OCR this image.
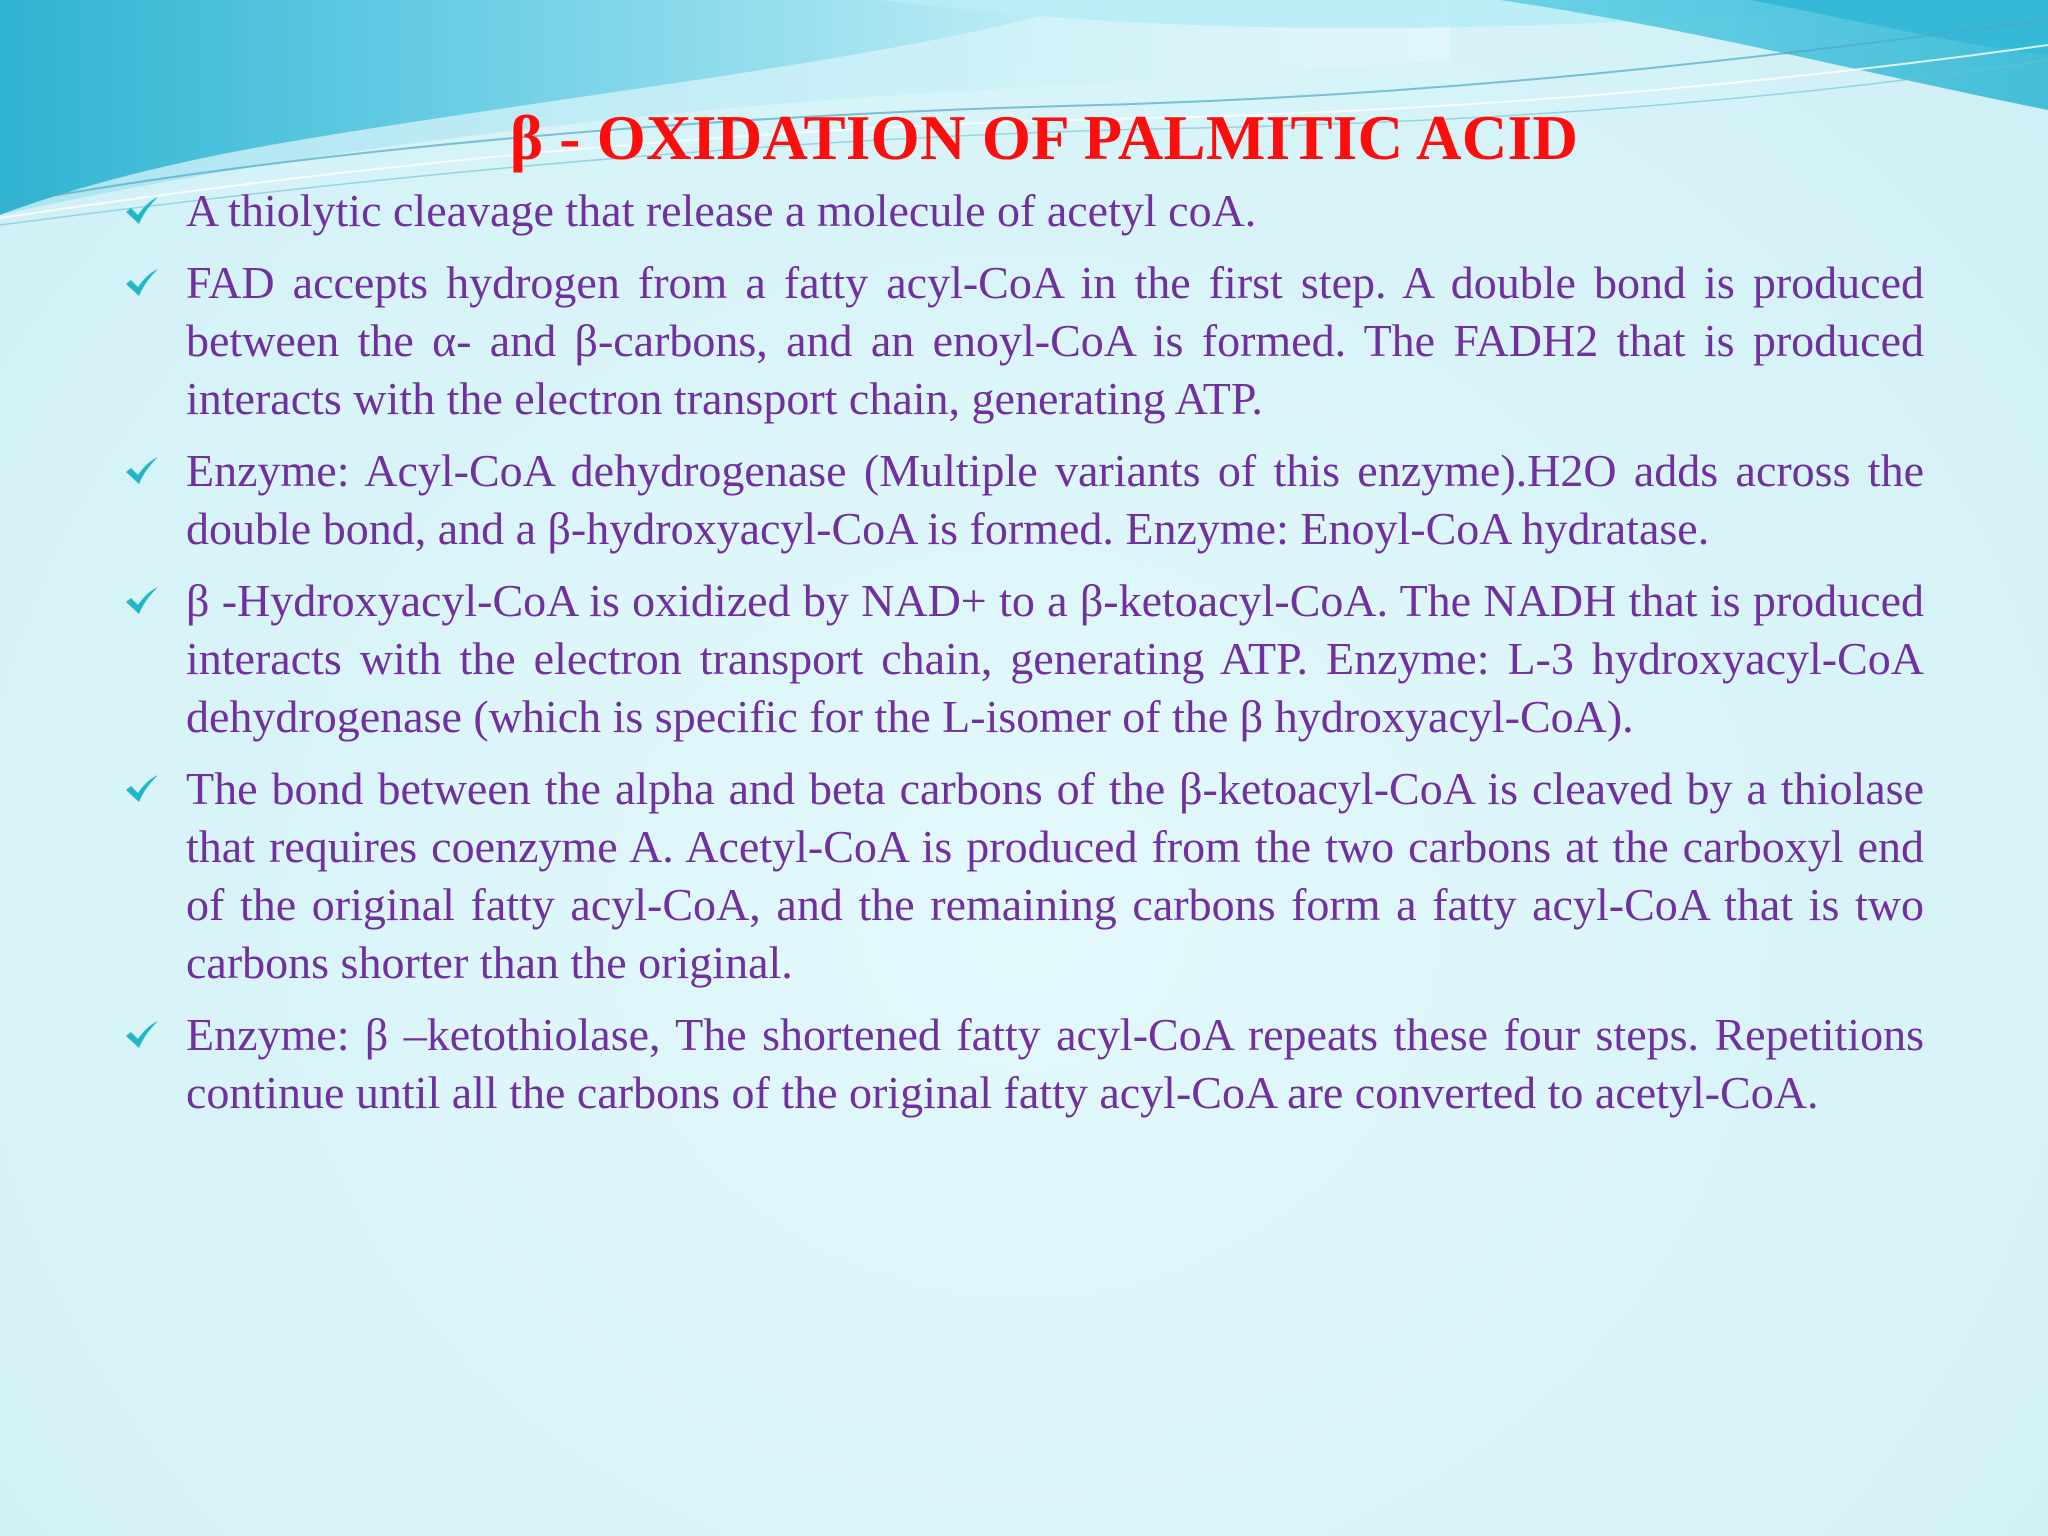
β - OXIDATION OF PALMITIC ACID
A thiolytic cleavage that release a molecule of acetyl coA.
FAD accepts hydrogen from a fatty acyl-CoA in the first step. A double bond is produced between the α- and β-carbons, and an enoyl-CoA is formed. The FADH2 that is produced interacts with the electron transport chain, generating ATP.
Enzyme: Acyl-CoA dehydrogenase (Multiple variants of this enzyme).H2O adds across the double bond, and a β-hydroxyacyl-CoA is formed. Enzyme: Enoyl-CoA hydratase.
β -Hydroxyacyl-CoA is oxidized by NAD+ to a β-ketoacyl-CoA. The NADH that is produced interacts with the electron transport chain, generating ATP. Enzyme: L-3 hydroxyacyl-CoA dehydrogenase (which is specific for the L-isomer of the β hydroxyacyl-CoA).
The bond between the alpha and beta carbons of the β-ketoacyl-CoA is cleaved by a thiolase that requires coenzyme A. Acetyl-CoA is produced from the two carbons at the carboxyl end of the original fatty acyl-CoA, and the remaining carbons form a fatty acyl-CoA that is two carbons shorter than the original.
Enzyme: β –ketothiolase, The shortened fatty acyl-CoA repeats these four steps. Repetitions continue until all the carbons of the original fatty acyl-CoA are converted to acetyl-CoA.
